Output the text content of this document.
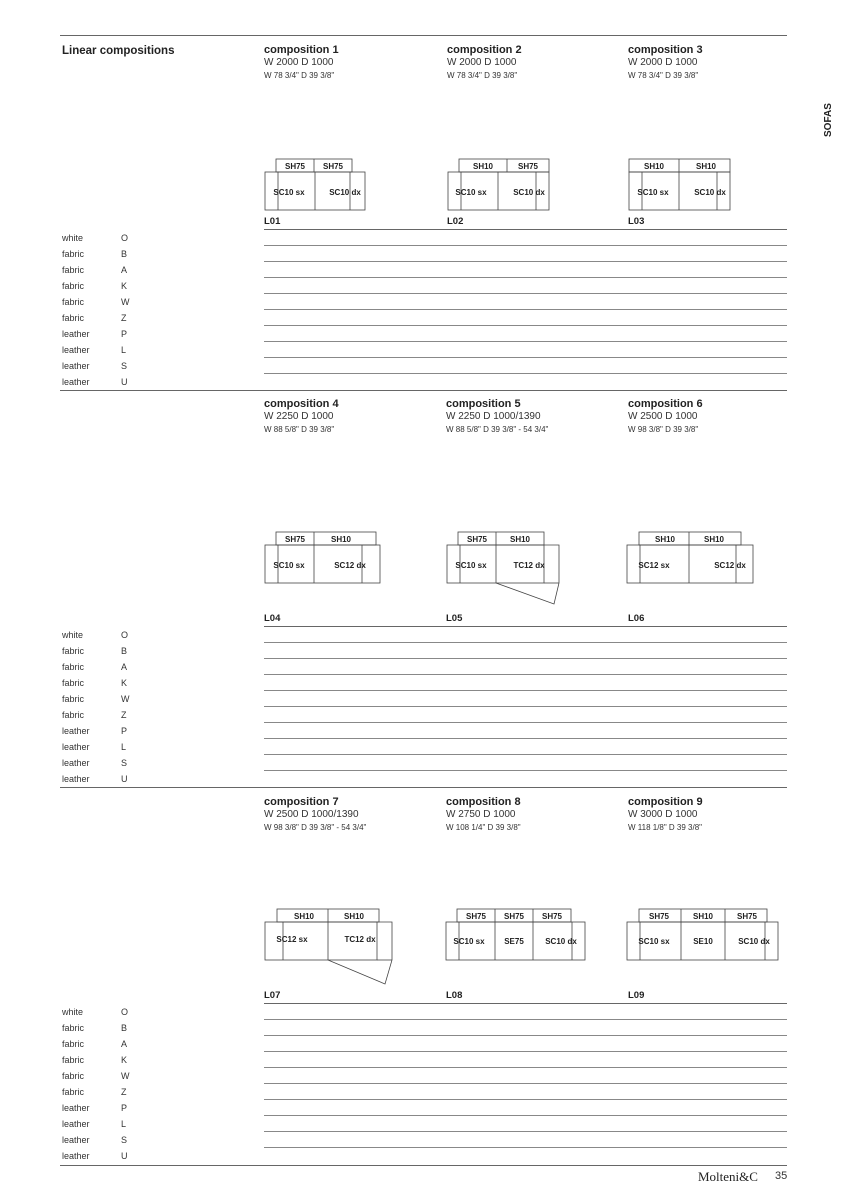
Linear compositions
SOFAS
composition 1
W 2000 D 1000
W 78 3/4" D 39 3/8"
SH75 SH75
SC10 sx	SC10 dx
L01
composition 2
W 2000 D 1000
W 78 3/4" D 39 3/8"
SH10	SH75
SC10 sx	SC10 dx
L02
composition 3
W 2000 D 1000
W 78 3/4" D 39 3/8"
SH10	SH10
SC10 sx	SC10 dx
L03
white	O
fabric	B
fabric	A
fabric	K
fabric	W
fabric	Z
leather	P
leather	L
leather	S
leather	U
composition 4
W 2250 D 1000
W 88 5/8" D 39 3/8"
SH75	SH10
SC10 sx	SC12 dx
L04
composition 5
W 2250 D 1000/1390
W 88 5/8" D 39 3/8" - 54 3/4"
SH75	SH10
SC10 sx	TC12 dx
L05
composition 6
W 2500 D 1000
W 98 3/8" D 39 3/8"
SH10	SH10
SC12 sx	SC12 dx
L06
white	O
fabric	B
fabric	A
fabric	K
fabric	W
fabric	Z
leather	P
leather	L
leather	S
leather	U
composition 7
W 2500 D 1000/1390
W 98 3/8" D 39 3/8" - 54 3/4"
SH10	SH10
SC12 sx	TC12 dx
L07
composition 8
W 2750 D 1000
W 108 1/4" D 39 3/8"
SH75 SH75 SH75
SC10 sx SE75	SC10 dx
L08
composition 9
W 3000 D 1000
W 118 1/8" D 39 3/8"
SH75	SH10	SH75
SC10 sx	SE10	SC10 dx
L09
white	O
fabric	B
fabric	A
fabric	K
fabric	W
fabric	Z
leather	P
leather	L
leather	S
leather	U
Molteni&C 35
